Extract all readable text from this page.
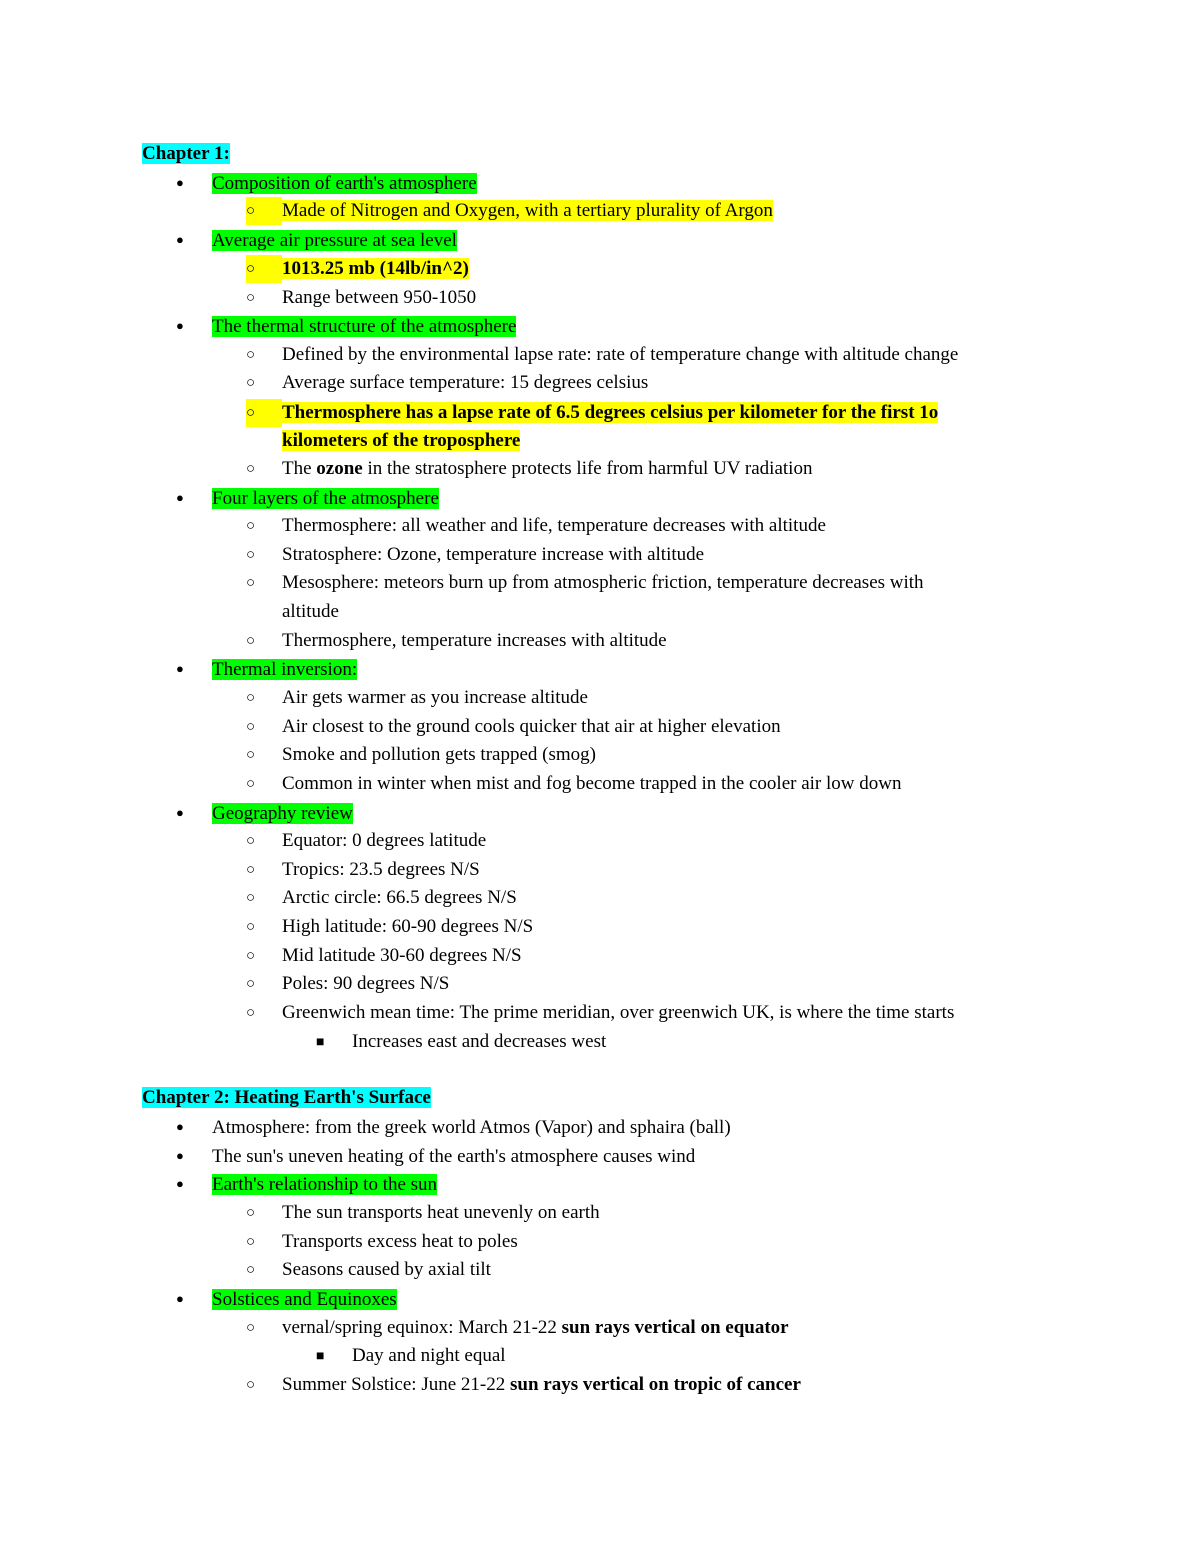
Chapter 1:
● Composition of earth's atmosphere
○ Made of Nitrogen and Oxygen, with a tertiary plurality of Argon
● Average air pressure at sea level
○ 1013.25 mb (14lb/in^2)
○ Range between 950-1050
● The thermal structure of the atmosphere
○ Defined by the environmental lapse rate: rate of temperature change with altitude change
○ Average surface temperature: 15 degrees celsius
○ Thermosphere has a lapse rate of 6.5 degrees celsius per kilometer for the first 1o
kilometers of the troposphere
○ The ozone in the stratosphere protects life from harmful UV radiation
● Four layers of the atmosphere
○ Thermosphere: all weather and life, temperature decreases with altitude
○ Stratosphere: Ozone, temperature increase with altitude
○ Mesosphere: meteors burn up from atmospheric friction, temperature decreases with
altitude
○ Thermosphere, temperature increases with altitude
● Thermal inversion:
○ Air gets warmer as you increase altitude
○ Air closest to the ground cools quicker that air at higher elevation
○ Smoke and pollution gets trapped (smog)
○ Common in winter when mist and fog become trapped in the cooler air low down
● Geography review
○ Equator: 0 degrees latitude
○ Tropics: 23.5 degrees N/S
○ Arctic circle: 66.5 degrees N/S
○ High latitude: 60-90 degrees N/S
○ Mid latitude 30-60 degrees N/S
○ Poles: 90 degrees N/S
○ Greenwich mean time: The prime meridian, over greenwich UK, is where the time starts
■ Increases east and decreases west
Chapter 2: Heating Earth's Surface
● Atmosphere: from the greek world Atmos (Vapor) and sphaira (ball)
● The sun's uneven heating of the earth's atmosphere causes wind
● Earth's relationship to the sun
○ The sun transports heat unevenly on earth
○ Transports excess heat to poles
○ Seasons caused by axial tilt
● Solstices and Equinoxes
○ vernal/spring equinox: March 21-22 sun rays vertical on equator
■ Day and night equal
○ Summer Solstice: June 21-22 sun rays vertical on tropic of cancer
